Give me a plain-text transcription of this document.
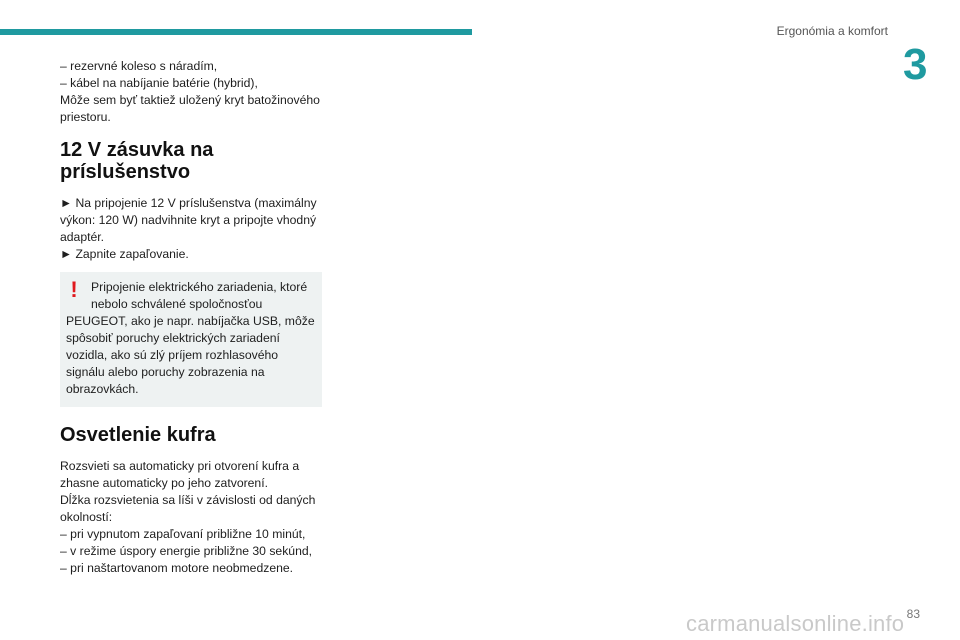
Ergonómia a komfort
3

– rezervné koleso s náradím,

– kábel na nabíjanie batérie (hybrid),

Môže sem byť taktiež uložený kryt batožinového priestoru.

12 V zásuvka na príslušenstvo

► Na pripojenie 12 V príslušenstva (maximálny výkon: 120 W) nadvihnite kryt a pripojte vhodný adaptér.

► Zapnite zapaľovanie.

!	Pripojenie elektrického zariadenia, ktoré nebolo schválené spoločnosťou
PEUGEOT, ako je napr. nabíjačka USB, môže spôsobiť poruchy elektrických zariadení vozidla, ako sú zlý príjem rozhlasového signálu alebo poruchy zobrazenia na obrazovkách.
Osvetlenie kufra

Rozsvieti sa automaticky pri otvorení kufra a zhasne automaticky po jeho zatvorení.

Dĺžka rozsvietenia sa líši v závislosti od daných okolností:

– pri vypnutom zapaľovaní približne 10 minút,

– v režime úspory energie približne 30 sekúnd,

– pri naštartovanom motore neobmedzene.

83
carmanualsonline.info
